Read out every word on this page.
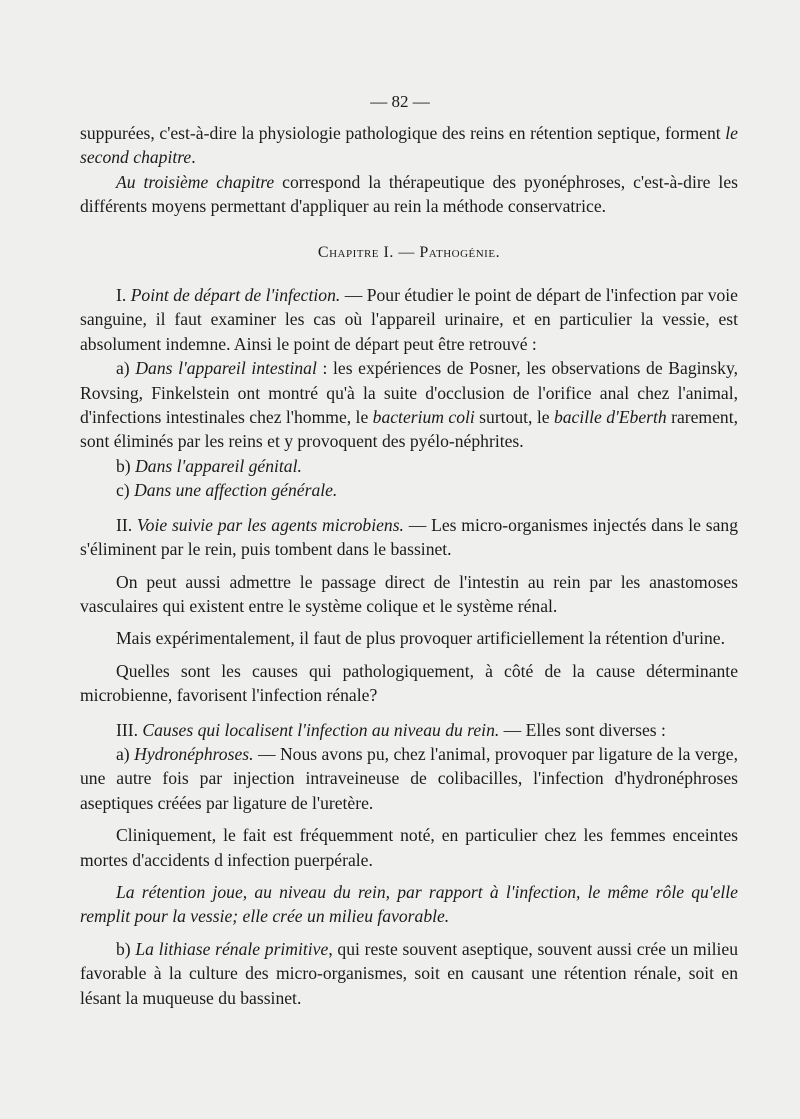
— 82 —

suppurées, c'est-à-dire la physiologie pathologique des reins en rétention septique, forment le second chapitre.

Au troisième chapitre correspond la thérapeutique des pyonéphroses, c'est-à-dire les différents moyens permettant d'appliquer au rein la méthode conservatrice.

Chapitre I. — Pathogénie.

I. Point de départ de l'infection. — Pour étudier le point de départ de l'infection par voie sanguine, il faut examiner les cas où l'appareil urinaire, et en particulier la vessie, est absolument indemne. Ainsi le point de départ peut être retrouvé :

a) Dans l'appareil intestinal : les expériences de Posner, les observations de Baginsky, Rovsing, Finkelstein ont montré qu'à la suite d'occlusion de l'orifice anal chez l'animal, d'infections intestinales chez l'homme, le bacterium coli surtout, le bacille d'Eberth rarement, sont éliminés par les reins et y provoquent des pyélo-néphrites.

b) Dans l'appareil génital.

c) Dans une affection générale.

II. Voie suivie par les agents microbiens. — Les micro-organismes injectés dans le sang s'éliminent par le rein, puis tombent dans le bassinet.

On peut aussi admettre le passage direct de l'intestin au rein par les anastomoses vasculaires qui existent entre le système colique et le système rénal.

Mais expérimentalement, il faut de plus provoquer artificiellement la rétention d'urine.

Quelles sont les causes qui pathologiquement, à côté de la cause déterminante microbienne, favorisent l'infection rénale?

III. Causes qui localisent l'infection au niveau du rein. — Elles sont diverses :

a) Hydronéphroses. — Nous avons pu, chez l'animal, provoquer par ligature de la verge, une autre fois par injection intraveineuse de colibacilles, l'infection d'hydronéphroses aseptiques créées par ligature de l'uretère.

Cliniquement, le fait est fréquemment noté, en particulier chez les femmes enceintes mortes d'accidents d infection puerpérale.

La rétention joue, au niveau du rein, par rapport à l'infection, le même rôle qu'elle remplit pour la vessie; elle crée un milieu favorable.

b) La lithiase rénale primitive, qui reste souvent aseptique, souvent aussi crée un milieu favorable à la culture des micro-organismes, soit en causant une rétention rénale, soit en lésant la muqueuse du bassinet.
